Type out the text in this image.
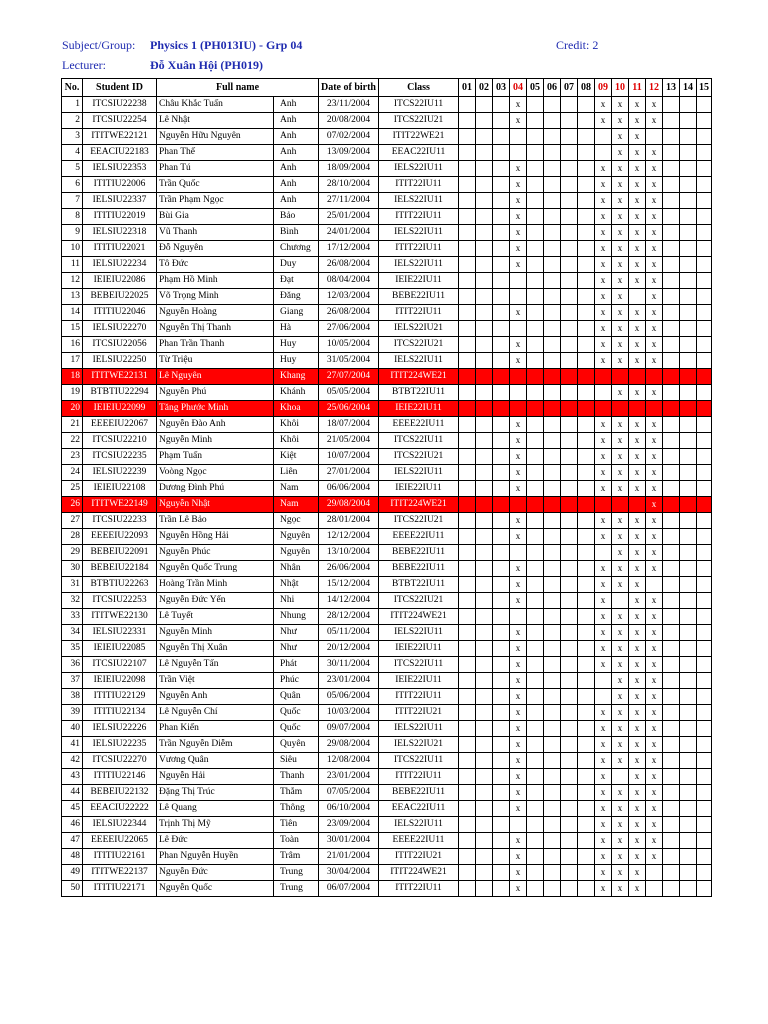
Subject/Group: Physics 1 (PH013IU) - Grp 04	Credit: 2
Lecturer:	Đỗ Xuân Hội (PH019)
No.	Student ID	Full name		Date of birth	Class	01	02	03	04	05	06	07	08	09	10	11	12	13	14	15
1	ITCSIU22238	Châu Khắc Tuấn	Anh	23/11/2004	ITCS22IU11				x					x	x	x	x			
2	ITCSIU22254	Lê Nhật	Anh	20/08/2004	ITCS22IU21				x					x	x	x	x			
3	ITITWE22121	Nguyễn Hữu Nguyên	Anh	07/02/2004	ITIT22WE21										x	x				
4	EEACIU22183	Phan Thế	Anh	13/09/2004	EEAC22IU11										x	x	x			
5	IELSIU22353	Phan Tú	Anh	18/09/2004	IELS22IU11				x					x	x	x	x			
6	ITITIU22006	Trần Quốc	Anh	28/10/2004	ITIT22IU11				x					x	x	x	x			
7	IELSIU22337	Trần Phạm Ngọc	Anh	27/11/2004	IELS22IU11				x					x	x	x	x			
8	ITITIU22019	Bùi Gia	Bảo	25/01/2004	ITIT22IU11				x					x	x	x	x			
9	IELSIU22318	Vũ Thanh	Bình	24/01/2004	IELS22IU11				x					x	x	x	x			
10	ITITIU22021	Đỗ Nguyên	Chương	17/12/2004	ITIT22IU11				x					x	x	x	x			
11	IELSIU22234	Tô Đức	Duy	26/08/2004	IELS22IU11				x					x	x	x	x			
12	IEIEIU22086	Phạm Hồ Minh	Đạt	08/04/2004	IEIE22IU11									x	x	x	x			
13	BEBEIU22025	Võ Trọng Minh	Đăng	12/03/2004	BEBE22IU11									x	x		x			
14	ITITIU22046	Nguyễn Hoàng	Giang	26/08/2004	ITIT22IU11				x					x	x	x	x			
15	IELSIU22270	Nguyễn Thị Thanh	Hà	27/06/2004	IELS22IU21									x	x	x	x			
16	ITCSIU22056	Phan Trần Thanh	Huy	10/05/2004	ITCS22IU21				x					x	x	x	x			
17	IELSIU22250	Từ Triệu	Huy	31/05/2004	IELS22IU11				x					x	x	x	x			
18	ITITWE22131	Lê Nguyên	Khang	27/07/2004	ITIT224WE21															
19	BTBTIU22294	Nguyễn Phú	Khánh	05/05/2004	BTBT22IU11										x	x	x			
20	IEIEIU22099	Tăng Phước Minh	Khoa	25/06/2004	IEIE22IU11															
21	EEEEIU22067	Nguyễn Đào Anh	Khôi	18/07/2004	EEEE22IU11				x					x	x	x	x			
22	ITCSIU22210	Nguyễn Minh	Khôi	21/05/2004	ITCS22IU11				x					x	x	x	x			
23	ITCSIU22235	Phạm Tuấn	Kiệt	10/07/2004	ITCS22IU21				x					x	x	x	x			
24	IELSIU22239	Voòng Ngọc	Liên	27/01/2004	IELS22IU11				x					x	x	x	x			
25	IEIEIU22108	Dương Đình Phú	Nam	06/06/2004	IEIE22IU11				x					x	x	x	x			
26	ITITWE22149	Nguyễn Nhật	Nam	29/08/2004	ITIT224WE21												x			
27	ITCSIU22233	Trần Lê Bảo	Ngọc	28/01/2004	ITCS22IU21				x					x	x	x	x			
28	EEEEIU22093	Nguyễn Hồng Hải	Nguyên	12/12/2004	EEEE22IU11				x					x	x	x	x			
29	BEBEIU22091	Nguyễn Phúc	Nguyên	13/10/2004	BEBE22IU11										x	x	x			
30	BEBEIU22184	Nguyễn Quốc Trung	Nhân	26/06/2004	BEBE22IU11				x					x	x	x	x			
31	BTBTIU22263	Hoàng Trần Minh	Nhật	15/12/2004	BTBT22IU11				x					x	x	x				
32	ITCSIU22253	Nguyễn Đức Yến	Nhi	14/12/2004	ITCS22IU21				x					x		x	x			
33	ITITWE22130	Lê Tuyết	Nhung	28/12/2004	ITIT224WE21									x	x	x	x			
34	IELSIU22331	Nguyễn Minh	Như	05/11/2004	IELS22IU11				x					x	x	x	x			
35	IEIEIU22085	Nguyễn Thị Xuân	Như	20/12/2004	IEIE22IU11				x					x	x	x	x			
36	ITCSIU22107	Lê Nguyễn Tấn	Phát	30/11/2004	ITCS22IU11				x					x	x	x	x			
37	IEIEIU22098	Trần Việt	Phúc	23/01/2004	IEIE22IU11				x						x	x	x			
38	ITITIU22129	Nguyễn Anh	Quân	05/06/2004	ITIT22IU11				x						x	x	x			
39	ITITIU22134	Lê Nguyễn Chí	Quốc	10/03/2004	ITIT22IU21				x					x	x	x	x			
40	IELSIU22226	Phan Kiến	Quốc	09/07/2004	IELS22IU11				x					x	x	x	x			
41	IELSIU22235	Trần Nguyễn Diễm	Quyên	29/08/2004	IELS22IU21				x					x	x	x	x			
42	ITCSIU22270	Vương Quân	Siêu	12/08/2004	ITCS22IU11				x					x	x	x	x			
43	ITITIU22146	Nguyễn Hải	Thanh	23/01/2004	ITIT22IU11				x					x		x	x			
44	BEBEIU22132	Đặng Thị Trúc	Thắm	07/05/2004	BEBE22IU11				x					x	x	x	x			
45	EEACIU22222	Lê Quang	Thông	06/10/2004	EEAC22IU11				x					x	x	x	x			
46	IELSIU22344	Trịnh Thị Mỹ	Tiên	23/09/2004	IELS22IU11									x	x	x	x			
47	EEEEIU22065	Lê Đức	Toàn	30/01/2004	EEEE22IU11				x					x	x	x	x			
48	ITITIU22161	Phan Nguyễn Huyền	Trâm	21/01/2004	ITIT22IU21				x					x	x	x	x			
49	ITITWE22137	Nguyễn Đức	Trung	30/04/2004	ITIT224WE21				x					x	x	x				
50	ITITIU22171	Nguyễn Quốc	Trung	06/07/2004	ITIT22IU11				x					x	x	x				
